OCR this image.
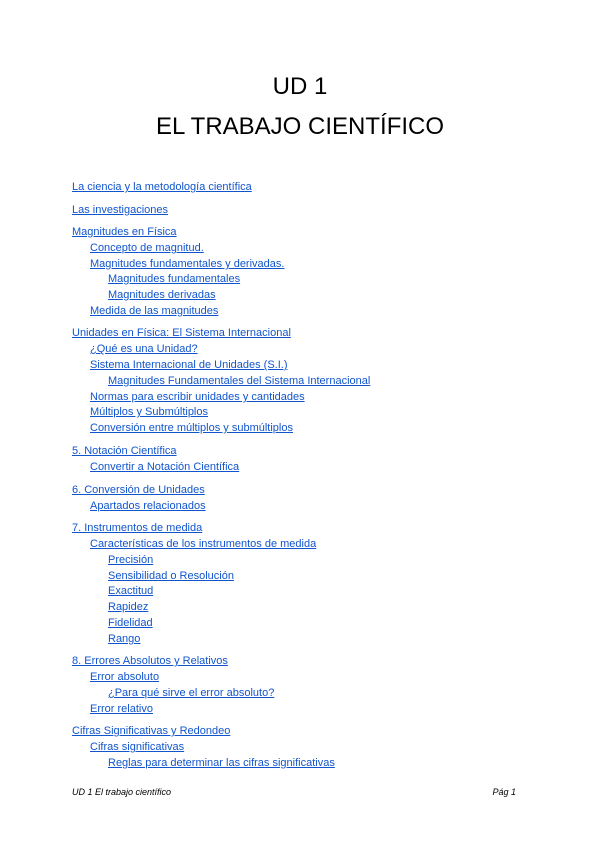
UD 1
EL TRABAJO CIENTÍFICO
La ciencia y la metodología científica
Las investigaciones
Magnitudes en Física
Concepto de magnitud.
Magnitudes fundamentales y derivadas.
Magnitudes fundamentales
Magnitudes derivadas
Medida de las magnitudes
Unidades en Física: El Sistema Internacional
¿Qué es una Unidad?
Sistema Internacional de Unidades (S.I.)
Magnitudes Fundamentales del Sistema Internacional
Normas para escribir unidades y cantidades
Múltiplos y Submúltiplos
Conversión entre múltiplos y submúltiplos
5. Notación Científica
Convertir a Notación Científica
6. Conversión de Unidades
Apartados relacionados
7. Instrumentos de medida
Características de los instrumentos de medida
Precisión
Sensibilidad o Resolución
Exactitud
Rapidez
Fidelidad
Rango
8. Errores Absolutos y Relativos
Error absoluto
¿Para qué sirve el error absoluto?
Error relativo
Cifras Significativas y Redondeo
Cifras significativas
Reglas para determinar las cifras significativas
UD 1 El trabajo científico	Pág 1
